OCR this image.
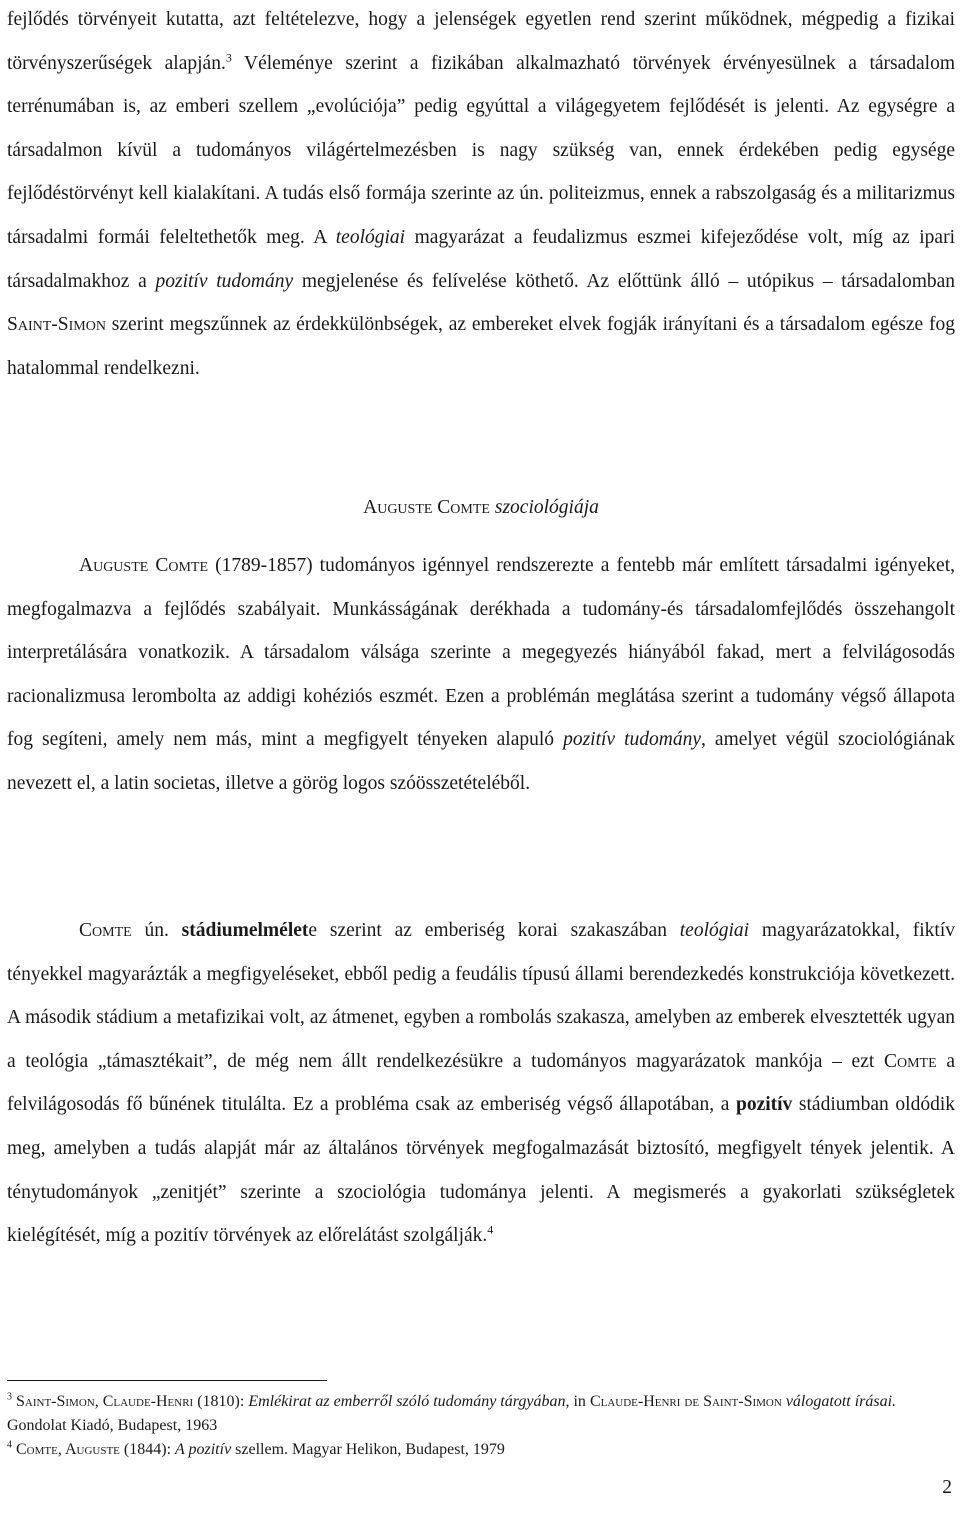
fejlődés törvényeit kutatta, azt feltételezve, hogy a jelenségek egyetlen rend szerint működnek, mégpedig a fizikai törvényszerűségek alapján.$^3$ Véleménye szerint a fizikában alkalmazható törvények érvényesülnek a társadalom terrénumában is, az emberi szellem „evolúciója” pedig egyúttal a világegyetem fejlődését is jelenti. Az egységre a társadalmon kívül a tudományos világértelmezésben is nagy szükség van, ennek érdekében pedig egysége fejlődéstörvényt kell kialakítani. A tudás első formája szerinte az ún. politeizmus, ennek a rabszolgaság és a militarizmus társadalmi formái feleltethetők meg. A teológiai magyarázat a feudalizmus eszmei kifejeződése volt, míg az ipari társadalmakhoz a pozitív tudomány megjelenése és felívelése köthető. Az előttünk álló – utópikus – társadalomban Saint-Simon szerint megszűnnek az érdekkülönbségek, az embereket elvek fogják irányítani és a társadalom egésze fog hatalommal rendelkezni.

Auguste Comte szociológiája

Auguste Comte (1789-1857) tudományos igénnyel rendszerezte a fentebb már említett társadalmi igényeket, megfogalmazva a fejlődés szabályait. Munkásságának derékhada a tudomány-és társadalomfejlődés összehangolt interpretálására vonatkozik. A társadalom válsága szerinte a megegyezés hiányából fakad, mert a felvilágosodás racionalizmusa lerombolta az addigi kohéziós eszmét. Ezen a problémán meglátása szerint a tudomány végső állapota fog segíteni, amely nem más, mint a megfigyelt tényeken alapuló pozitív tudomány, amelyet végül szociológiának nevezett el, a latin societas, illetve a görög logos szóösszetételéből.

Comte ún. stádiumelmélete szerint az emberiség korai szakaszában teológiai magyarázatokkal, fiktív tényekkel magyarázták a megfigyeléseket, ebből pedig a feudális típusú állami berendezkedés konstrukciója következett. A második stádium a metafizikai volt, az átmenet, egyben a rombolás szakasza, amelyben az emberek elvesztették ugyan a teológia „támasztékait”, de még nem állt rendelkezésükre a tudományos magyarázatok mankója – ezt Comte a felvilágosodás fő bűnének titulálta. Ez a probléma csak az emberiség végső állapotában, a pozitív stádiumban oldódik meg, amelyben a tudás alapját már az általános törvények megfogalmazását biztosító, megfigyelt tények jelentik. A ténytudományok „zenitjét” szerinte a szociológia tudománya jelenti. A megismerés a gyakorlati szükségletek kielégítését, míg a pozitív törvények az előrelátást szolgálják.$^4$

$^3$ Saint-Simon, Claude-Henri (1810): Emlékirat az emberről szóló tudomány tárgyában, in Claude-Henri de Saint-Simon válogatott írásai. Gondolat Kiadó, Budapest, 1963

$^4$ Comte, Auguste (1844): A pozitív szellem. Magyar Helikon, Budapest, 1979

2
